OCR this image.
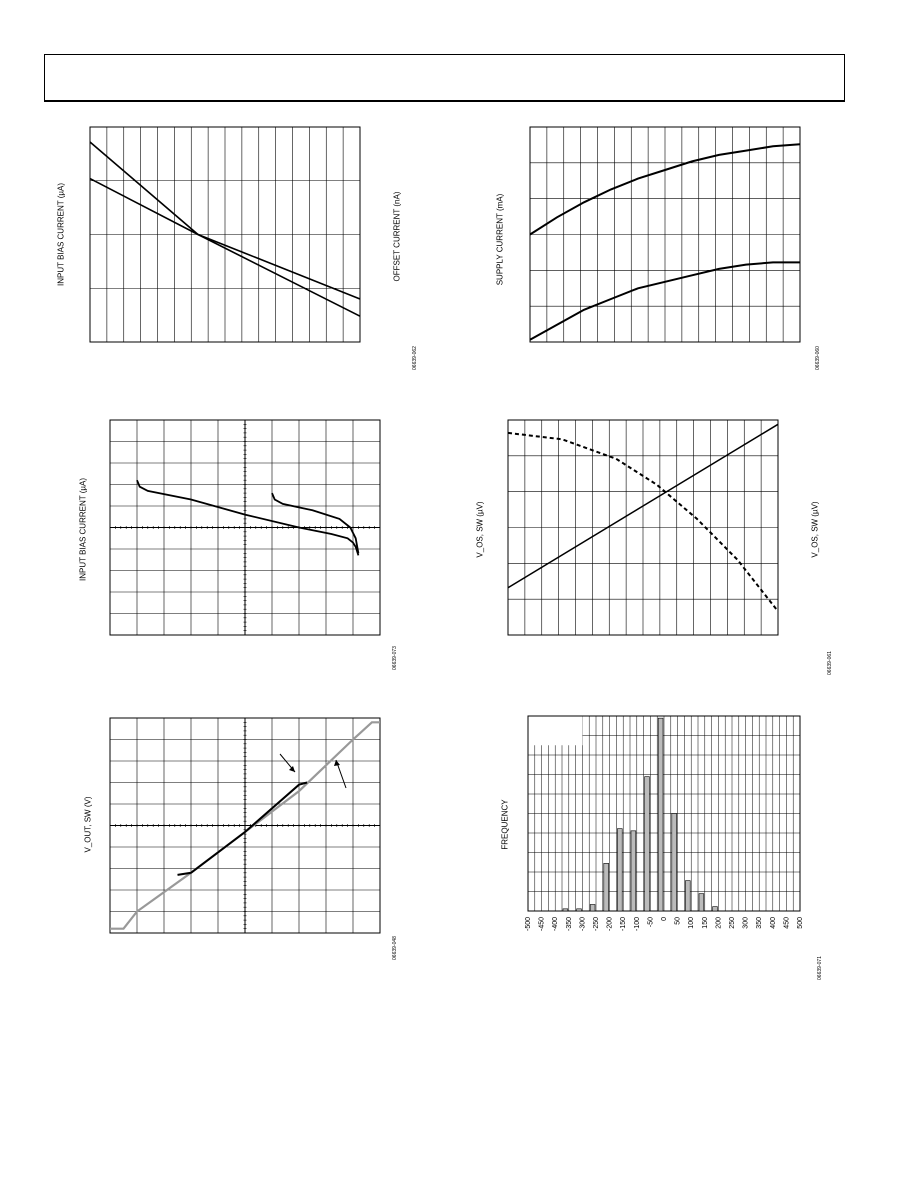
INPUT BIAS CURRENT (µA)	OFFSET CURRENT (nA)
06639-062
SUPPLY CURRENT (mA)
06639-060
INPUT BIAS CURRENT (µA)
06639-073
V_OS, SW (µV)	V_OS, SW (µV)
06639-061
V_OUT, SW (V)
06639-048
-500 -450 -400 -350 -300 -250 -200 -150 -100 -50 0 50 100 150 200 250 300 350 400 450 500
FREQUENCY
06639-071
